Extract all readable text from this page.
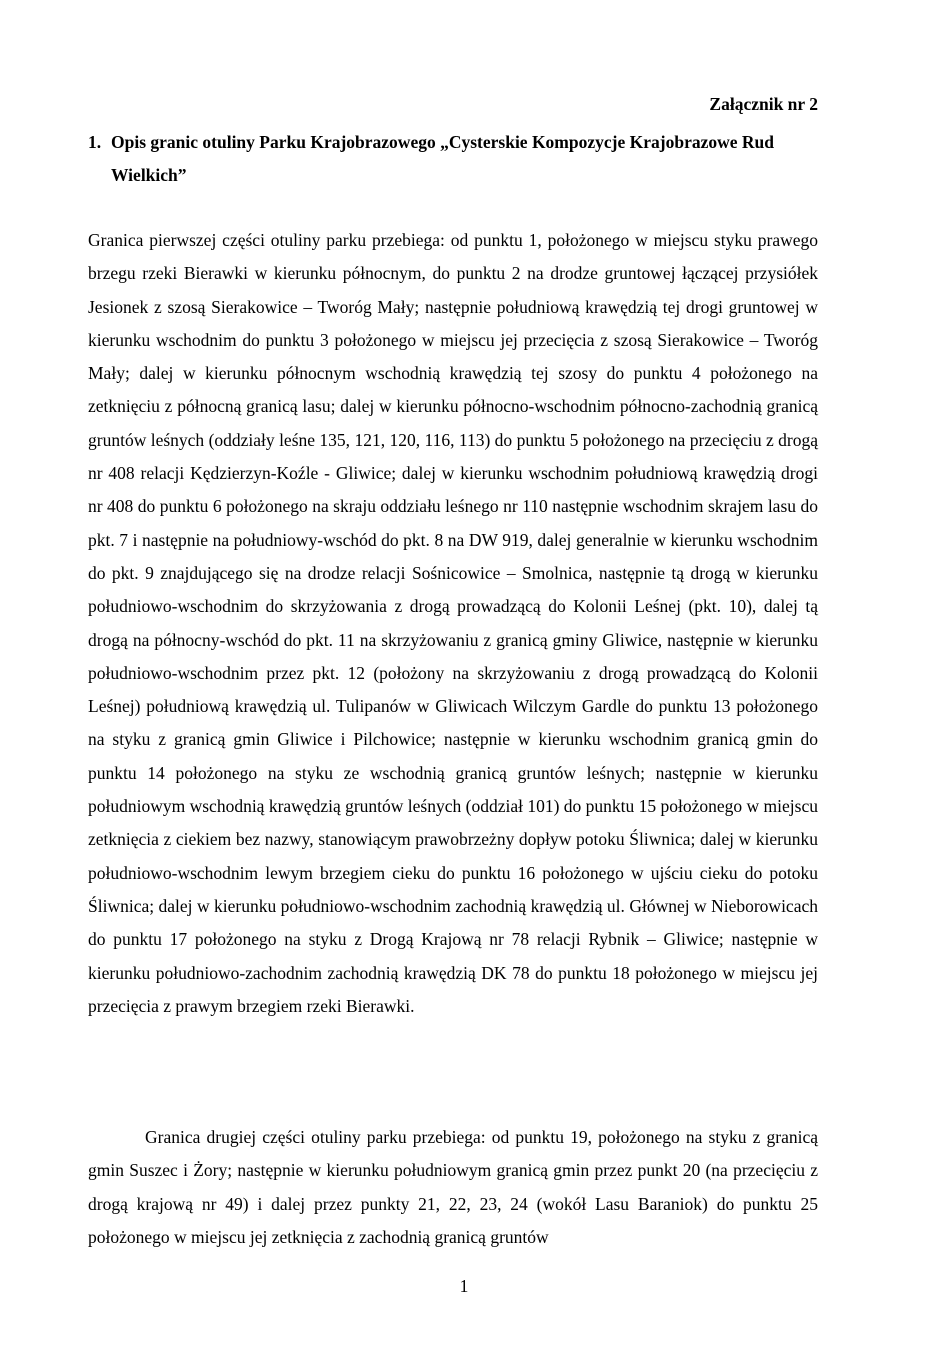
Załącznik nr 2
1. Opis granic otuliny Parku Krajobrazowego „Cysterskie Kompozycje Krajobrazowe Rud Wielkich”

Granica pierwszej części otuliny parku przebiega: od punktu 1, położonego w miejscu styku prawego brzegu rzeki Bierawki w kierunku północnym, do punktu 2 na drodze gruntowej łączącej przysiółek Jesionek z szosą Sierakowice – Tworóg Mały; następnie południową krawędzią tej drogi gruntowej w kierunku wschodnim do punktu 3 położonego w miejscu jej przecięcia z szosą Sierakowice – Tworóg Mały; dalej w kierunku północnym wschodnią krawędzią tej szosy do punktu 4 położonego na zetknięciu z północną granicą lasu; dalej w kierunku północno-wschodnim północno-zachodnią granicą gruntów leśnych (oddziały leśne 135, 121, 120, 116, 113) do punktu 5 położonego na przecięciu z drogą nr 408 relacji Kędzierzyn-Koźle - Gliwice; dalej w kierunku wschodnim południową krawędzią drogi nr 408 do punktu 6 położonego na skraju oddziału leśnego nr 110 następnie wschodnim skrajem lasu do pkt. 7 i następnie na południowy-wschód do pkt. 8 na DW 919, dalej generalnie w kierunku wschodnim do pkt. 9 znajdującego się na drodze relacji Sośnicowice – Smolnica, następnie tą drogą w kierunku południowo-wschodnim do skrzyżowania z drogą prowadzącą do Kolonii Leśnej (pkt. 10), dalej tą drogą na północny-wschód do pkt. 11 na skrzyżowaniu z granicą gminy Gliwice, następnie w kierunku południowo-wschodnim przez pkt. 12 (położony na skrzyżowaniu z drogą prowadzącą do Kolonii Leśnej) południową krawędzią ul. Tulipanów w Gliwicach Wilczym Gardle do punktu 13 położonego na styku z granicą gmin Gliwice i Pilchowice; następnie w kierunku wschodnim granicą gmin do punktu 14 położonego na styku ze wschodnią granicą gruntów leśnych; następnie w kierunku południowym wschodnią krawędzią gruntów leśnych (oddział 101) do punktu 15 położonego w miejscu zetknięcia z ciekiem bez nazwy, stanowiącym prawobrzeżny dopływ potoku Śliwnica; dalej w kierunku południowo-wschodnim lewym brzegiem cieku do punktu 16 położonego w ujściu cieku do potoku Śliwnica; dalej w kierunku południowo-wschodnim zachodnią krawędzią ul. Głównej w Nieborowicach do punktu 17 położonego na styku z Drogą Krajową nr 78 relacji Rybnik – Gliwice; następnie w kierunku południowo-zachodnim zachodnią krawędzią DK 78 do punktu 18 położonego w miejscu jej przecięcia z prawym brzegiem rzeki Bierawki.

Granica drugiej części otuliny parku przebiega: od punktu 19, położonego na styku z granicą gmin Suszec i Żory; następnie w kierunku południowym granicą gmin przez punkt 20 (na przecięciu z drogą krajową nr 49) i dalej przez punkty 21, 22, 23, 24 (wokół Lasu Baraniok) do punktu 25 położonego w miejscu jej zetknięcia z zachodnią granicą gruntów

1
